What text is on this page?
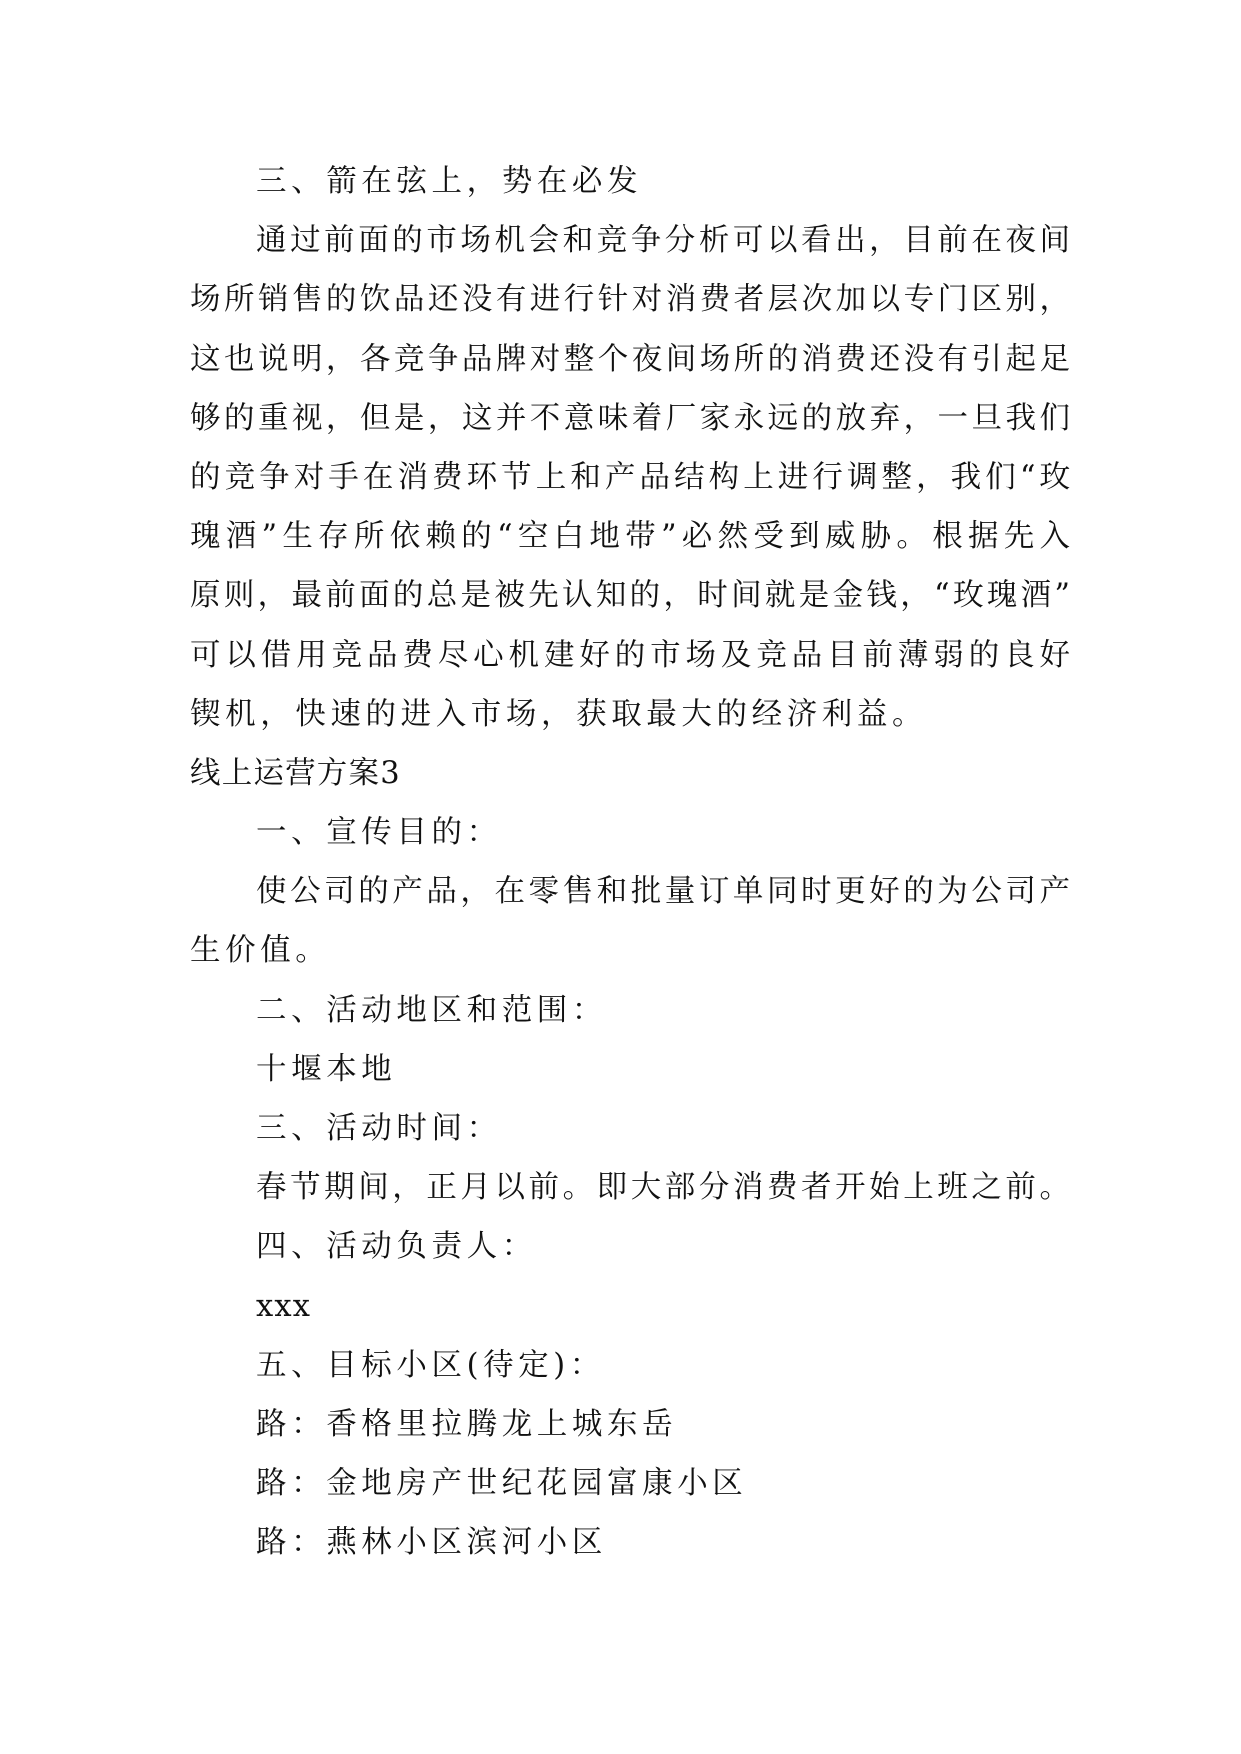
三、箭在弦上，势在必发
通过前面的市场机会和竞争分析可以看出，目前在夜间
场所销售的饮品还没有进行针对消费者层次加以专门区别，
这也说明，各竞争品牌对整个夜间场所的消费还没有引起足
够的重视，但是，这并不意味着厂家永远的放弃，一旦我们
的竞争对手在消费环节上和产品结构上进行调整，我们“玫
瑰酒”生存所依赖的“空白地带”必然受到威胁。根据先入
原则，最前面的总是被先认知的，时间就是金钱，“玫瑰酒”
可以借用竞品费尽心机建好的市场及竞品目前薄弱的良好
锲机，快速的进入市场，获取最大的经济利益。
线上运营方案3
一、宣传目的：
使公司的产品，在零售和批量订单同时更好的为公司产
生价值。
二、活动地区和范围：
十堰本地
三、活动时间：
春节期间，正月以前。即大部分消费者开始上班之前。
四、活动负责人：
xxx
五、目标小区(待定)：
路：香格里拉腾龙上城东岳
路：金地房产世纪花园富康小区
路：燕林小区滨河小区
